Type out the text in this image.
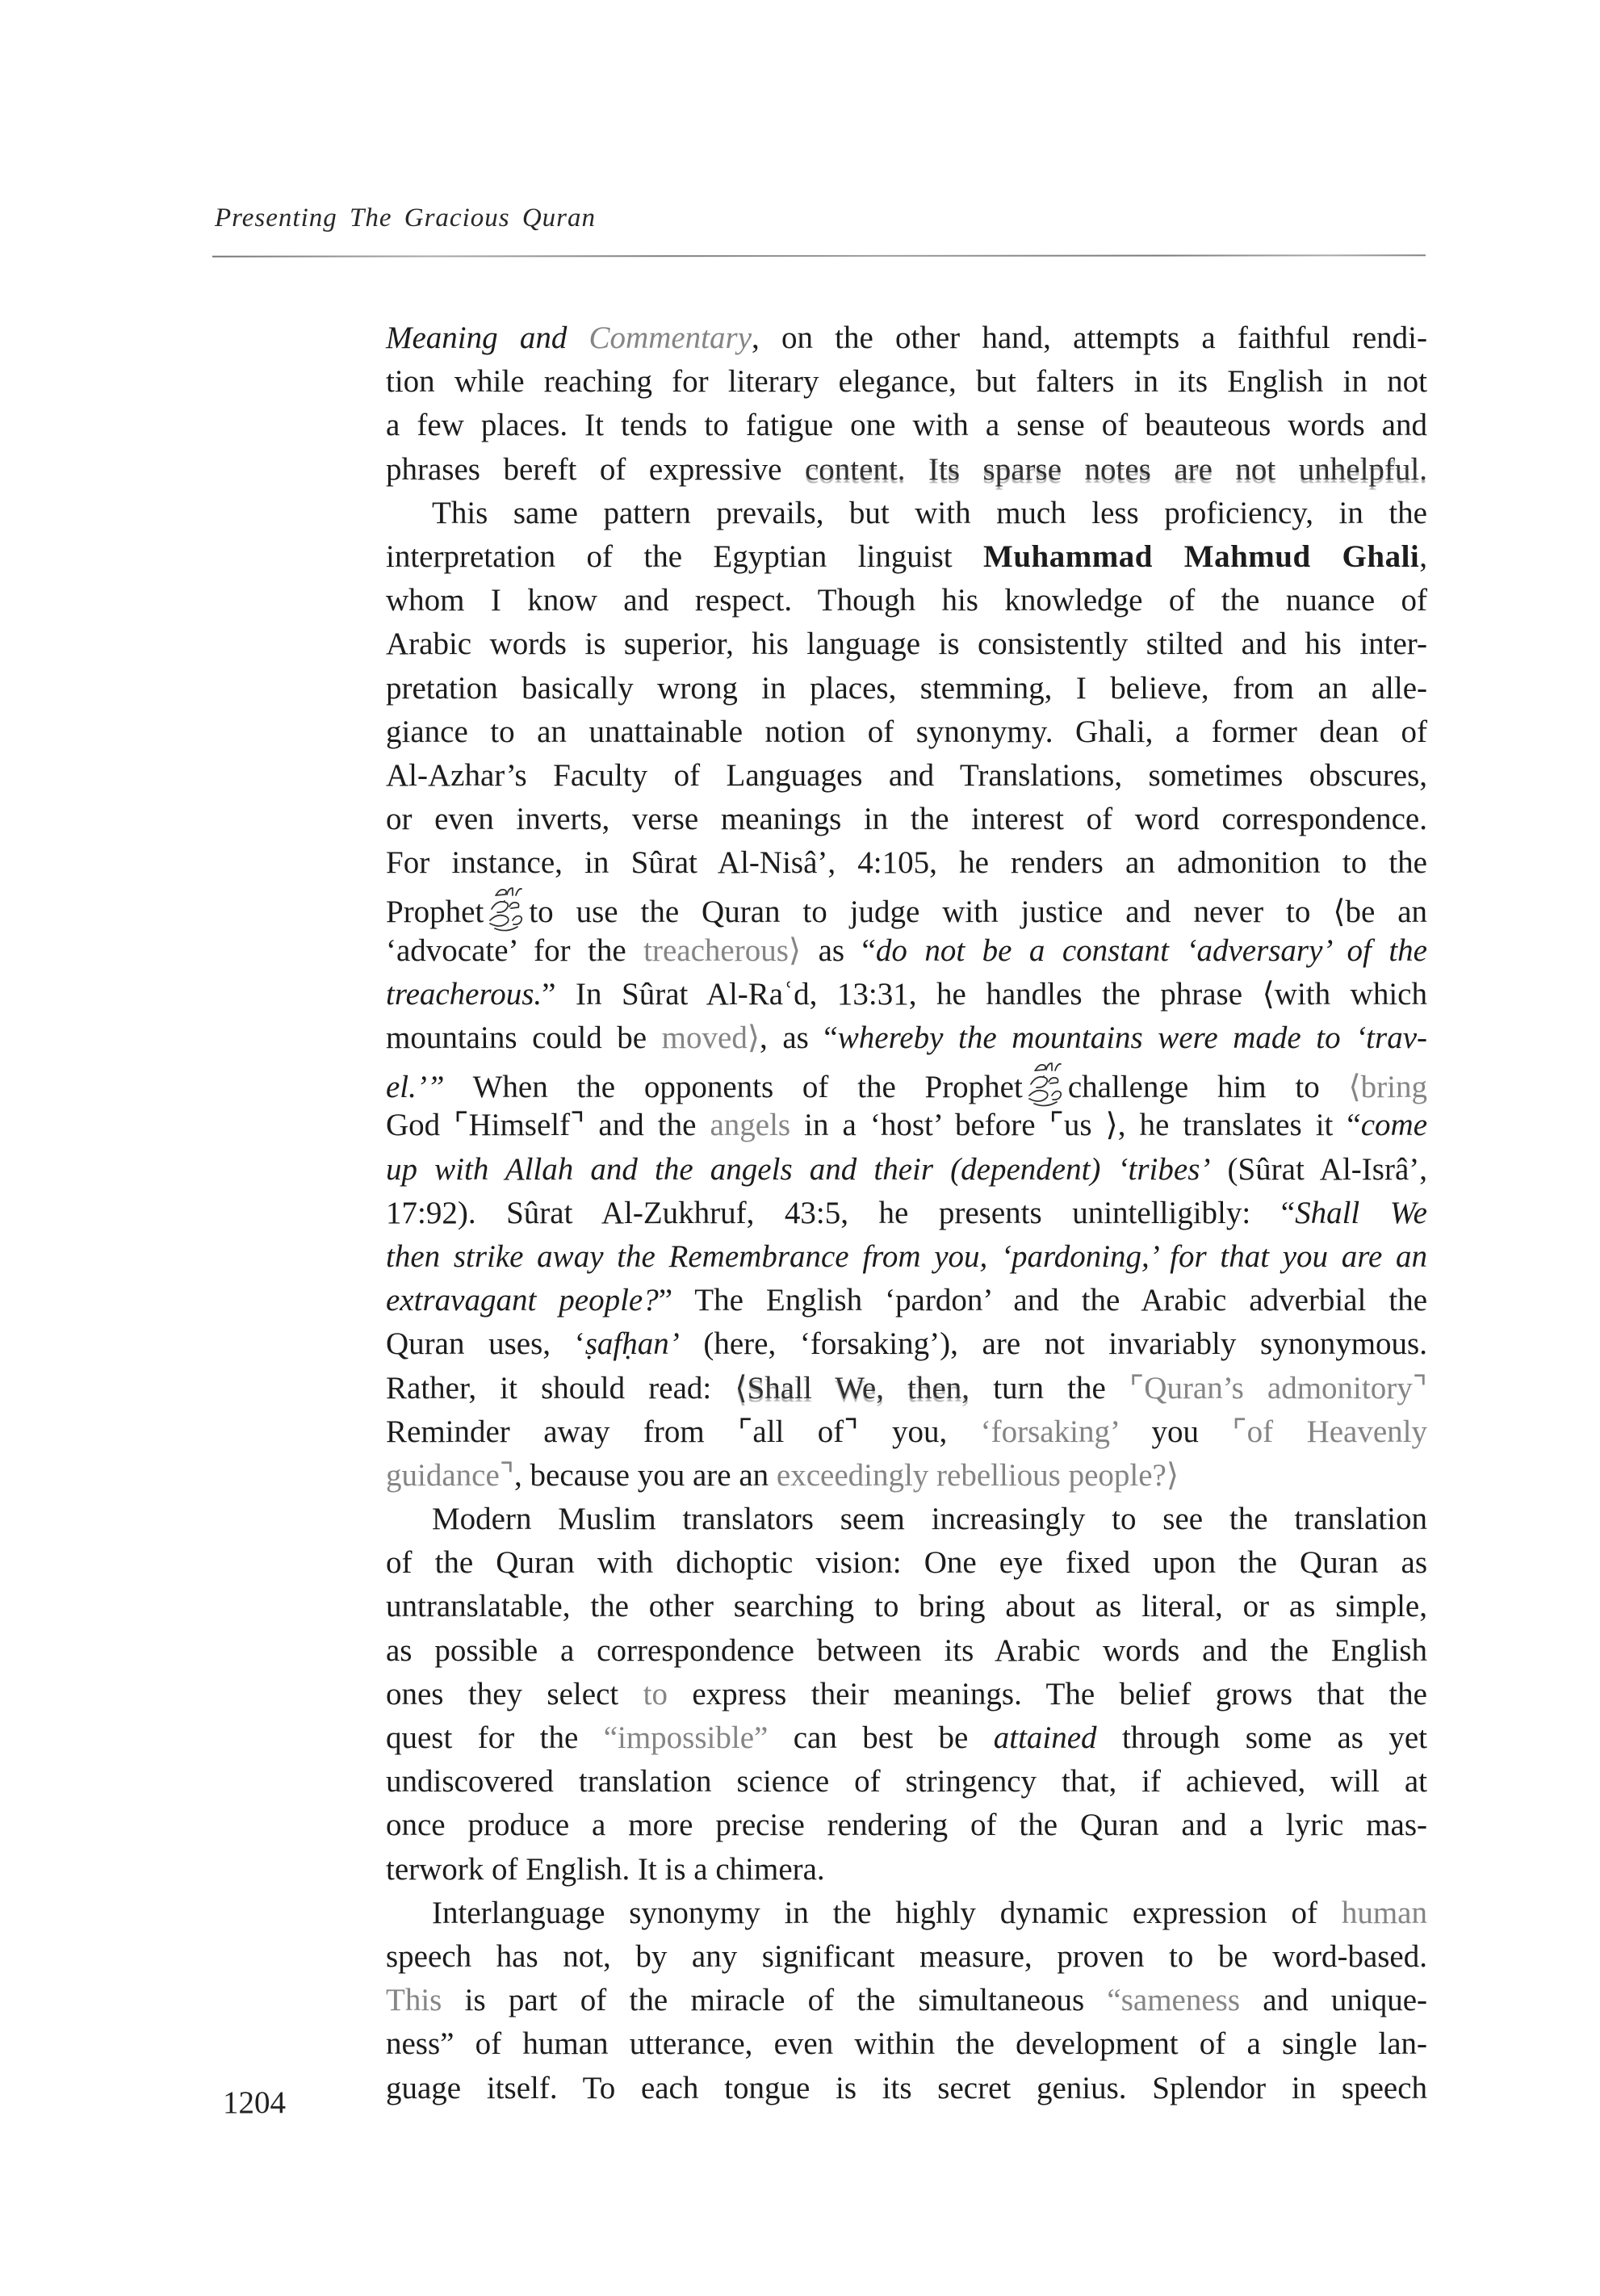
Presenting The Gracious Quran
Meaning and Commentary, on the other hand, attempts a faithful rendi-
tion while reaching for literary elegance, but falters in its English in not
a few places. It tends to fatigue one with a sense of beauteous words and
phrases bereft of expressive content. Its sparse notes are not unhelpful.
This same pattern prevails, but with much less proficiency, in the
interpretation of the Egyptian linguist Muhammad Mahmud Ghali,
whom I know and respect. Though his knowledge of the nuance of
Arabic words is superior, his language is consistently stilted and his inter-
pretation basically wrong in places, stemming, I believe, from an alle-
giance to an unattainable notion of synonymy. Ghali, a former dean of
Al-Azhar’s Faculty of Languages and Translations, sometimes obscures,
or even inverts, verse meanings in the interest of word correspondence.
For instance, in Sûrat Al-Nisâ’, 4:105, he renders an admonition to the
Prophet to use the Quran to judge with justice and never to ⟨be an
‘advocate’ for the treacherous⟩ as “do not be a constant ‘adversary’ of the
treacherous.” In Sûrat Al-Raʿd, 13:31, he handles the phrase ⟨with which
mountains could be moved⟩, as “whereby the mountains were made to ‘trav-
el.’” When the opponents of the Prophet challenge him to ⟨bring
God ⌜Himself⌝ and the angels in a ‘host’ before ⌜us ⟩, he translates it “come
up with Allah and the angels and their (dependent) ‘tribes’ (Sûrat Al-Isrâ’,
17:92). Sûrat Al-Zukhruf, 43:5, he presents unintelligibly: “Shall We
then strike away the Remembrance from you, ‘pardoning,’ for that you are an
extravagant people?” The English ‘pardon’ and the Arabic adverbial the
Quran uses, ‘ṣafḥan’ (here, ‘forsaking’), are not invariably synonymous.
Rather, it should read: ⟨Shall We, then, turn the ⌜Quran’s admonitory⌝
Reminder away from ⌜all of⌝ you, ‘forsaking’ you ⌜of Heavenly
guidance⌝, because you are an exceedingly rebellious people?⟩
Modern Muslim translators seem increasingly to see the translation
of the Quran with dichoptic vision: One eye fixed upon the Quran as
untranslatable, the other searching to bring about as literal, or as simple,
as possible a correspondence between its Arabic words and the English
ones they select to express their meanings. The belief grows that the
quest for the “impossible” can best be attained through some as yet
undiscovered translation science of stringency that, if achieved, will at
once produce a more precise rendering of the Quran and a lyric mas-
terwork of English. It is a chimera.
Interlanguage synonymy in the highly dynamic expression of human
speech has not, by any significant measure, proven to be word-based.
This is part of the miracle of the simultaneous “sameness and unique-
ness” of human utterance, even within the development of a single lan-
guage itself. To each tongue is its secret genius. Splendor in speech
1204
